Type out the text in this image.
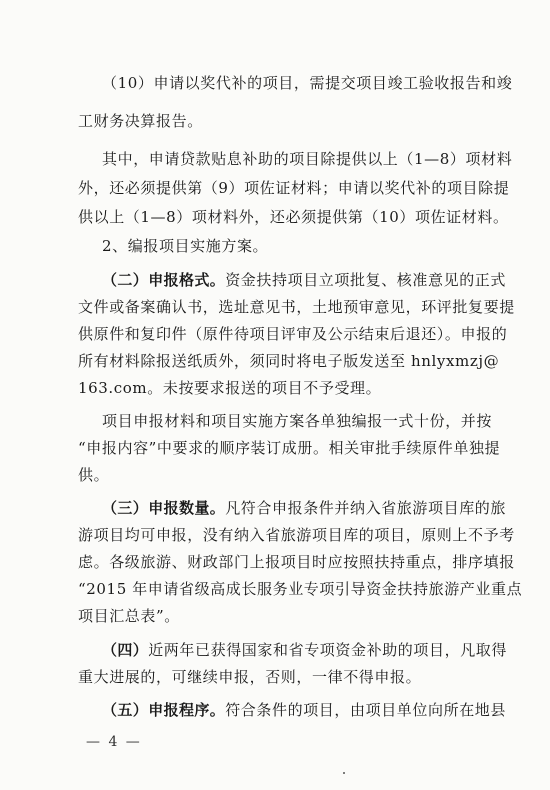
（10）申请以奖代补的项目，需提交项目竣工验收报告和竣
工财务决算报告。
其中，申请贷款贴息补助的项目除提供以上（1—8）项材料
外，还必须提供第（9）项佐证材料；申请以奖代补的项目除提
供以上（1—8）项材料外，还必须提供第（10）项佐证材料。
2、编报项目实施方案。
（二）申报格式。资金扶持项目立项批复、核准意见的正式
文件或备案确认书，选址意见书，土地预审意见，环评批复要提
供原件和复印件（原件待项目评审及公示结束后退还）。申报的
所有材料除报送纸质外，须同时将电子版发送至 hnlyxmzj@
163.com。未按要求报送的项目不予受理。
项目申报材料和项目实施方案各单独编报一式十份，并按
“申报内容”中要求的顺序装订成册。相关审批手续原件单独提
供。
（三）申报数量。凡符合申报条件并纳入省旅游项目库的旅
游项目均可申报，没有纳入省旅游项目库的项目，原则上不予考
虑。各级旅游、财政部门上报项目时应按照扶持重点，排序填报
“2015 年申请省级高成长服务业专项引导资金扶持旅游产业重点
项目汇总表”。
（四）近两年已获得国家和省专项资金补助的项目，凡取得
重大进展的，可继续申报，否则，一律不得申报。
（五）申报程序。符合条件的项目，由项目单位向所在地县
— 4 —
